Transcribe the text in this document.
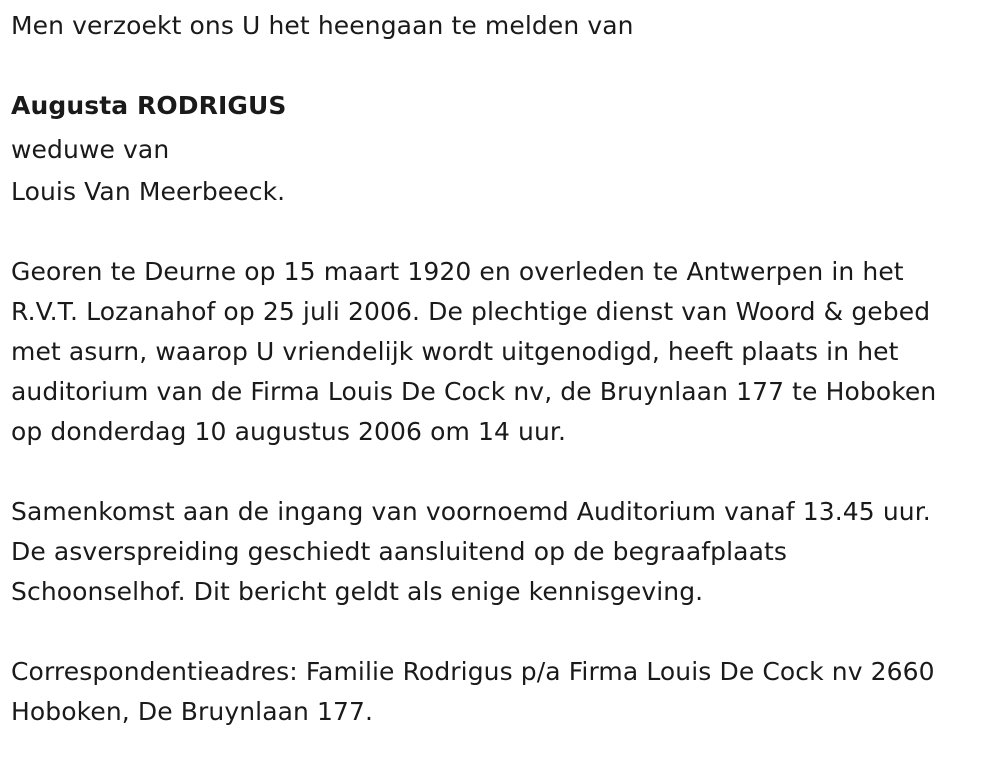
Men verzoekt ons U het heengaan te melden van
Augusta RODRIGUS
weduwe van
Louis Van Meerbeeck.
Georen te Deurne op 15 maart 1920 en overleden te Antwerpen in het
R.V.T. Lozanahof op 25 juli 2006. De plechtige dienst van Woord & gebed
met asurn, waarop U vriendelijk wordt uitgenodigd, heeft plaats in het
auditorium van de Firma Louis De Cock nv, de Bruynlaan 177 te Hoboken
op donderdag 10 augustus 2006 om 14 uur.
Samenkomst aan de ingang van voornoemd Auditorium vanaf 13.45 uur.
De asverspreiding geschiedt aansluitend op de begraafplaats
Schoonselhof. Dit bericht geldt als enige kennisgeving.
Correspondentieadres: Familie Rodrigus p/a Firma Louis De Cock nv 2660
Hoboken, De Bruynlaan 177.
